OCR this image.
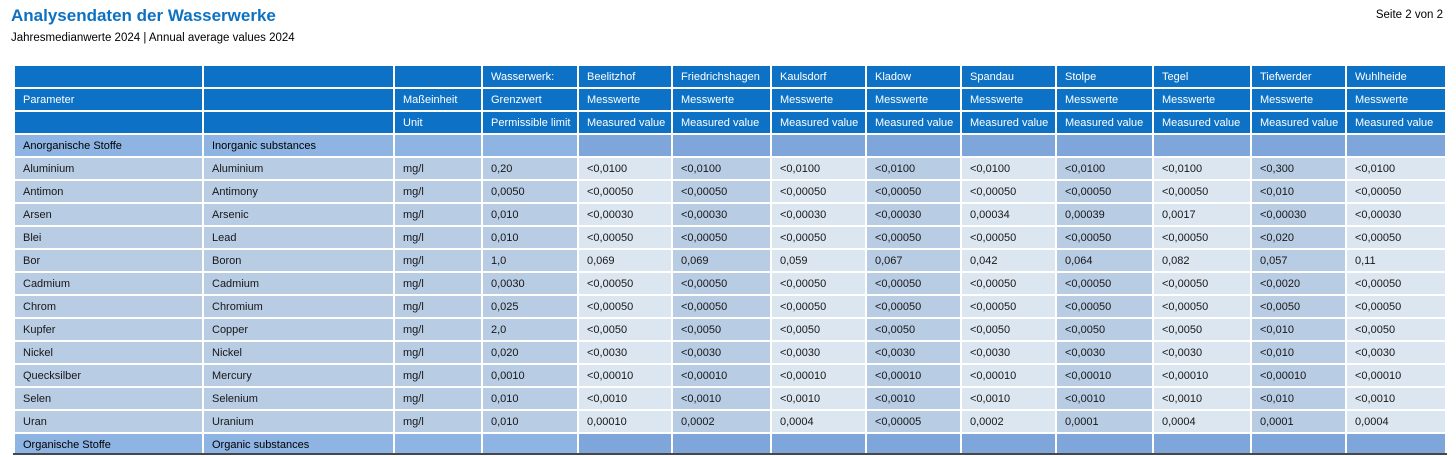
Analysendaten der Wasserwerke
Jahresmedianwerte 2024 | Annual average values 2024
Seite 2 von 2
			Wasserwerk:	Beelitzhof	Friedrichshagen	Kaulsdorf	Kladow	Spandau	Stolpe	Tegel	Tiefwerder	Wuhlheide
Parameter		Maßeinheit	Grenzwert	Messwerte	Messwerte	Messwerte	Messwerte	Messwerte	Messwerte	Messwerte	Messwerte	Messwerte
		Unit	Permissible limit	Measured value	Measured value	Measured value	Measured value	Measured value	Measured value	Measured value	Measured value	Measured value
Anorganische Stoffe	Inorganic substances											
Aluminium	Aluminium	mg/l	0,20	<0,0100	<0,0100	<0,0100	<0,0100	<0,0100	<0,0100	<0,0100	<0,300	<0,0100
Antimon	Antimony	mg/l	0,0050	<0,00050	<0,00050	<0,00050	<0,00050	<0,00050	<0,00050	<0,00050	<0,010	<0,00050
Arsen	Arsenic	mg/l	0,010	<0,00030	<0,00030	<0,00030	<0,00030	0,00034	0,00039	0,0017	<0,00030	<0,00030
Blei	Lead	mg/l	0,010	<0,00050	<0,00050	<0,00050	<0,00050	<0,00050	<0,00050	<0,00050	<0,020	<0,00050
Bor	Boron	mg/l	1,0	0,069	0,069	0,059	0,067	0,042	0,064	0,082	0,057	0,11
Cadmium	Cadmium	mg/l	0,0030	<0,00050	<0,00050	<0,00050	<0,00050	<0,00050	<0,00050	<0,00050	<0,0020	<0,00050
Chrom	Chromium	mg/l	0,025	<0,00050	<0,00050	<0,00050	<0,00050	<0,00050	<0,00050	<0,00050	<0,0050	<0,00050
Kupfer	Copper	mg/l	2,0	<0,0050	<0,0050	<0,0050	<0,0050	<0,0050	<0,0050	<0,0050	<0,010	<0,0050
Nickel	Nickel	mg/l	0,020	<0,0030	<0,0030	<0,0030	<0,0030	<0,0030	<0,0030	<0,0030	<0,010	<0,0030
Quecksilber	Mercury	mg/l	0,0010	<0,00010	<0,00010	<0,00010	<0,00010	<0,00010	<0,00010	<0,00010	<0,00010	<0,00010
Selen	Selenium	mg/l	0,010	<0,0010	<0,0010	<0,0010	<0,0010	<0,0010	<0,0010	<0,0010	<0,010	<0,0010
Uran	Uranium	mg/l	0,010	0,00010	0,0002	0,0004	<0,00005	0,0002	0,0001	0,0004	0,0001	0,0004
Organische Stoffe	Organic substances											
